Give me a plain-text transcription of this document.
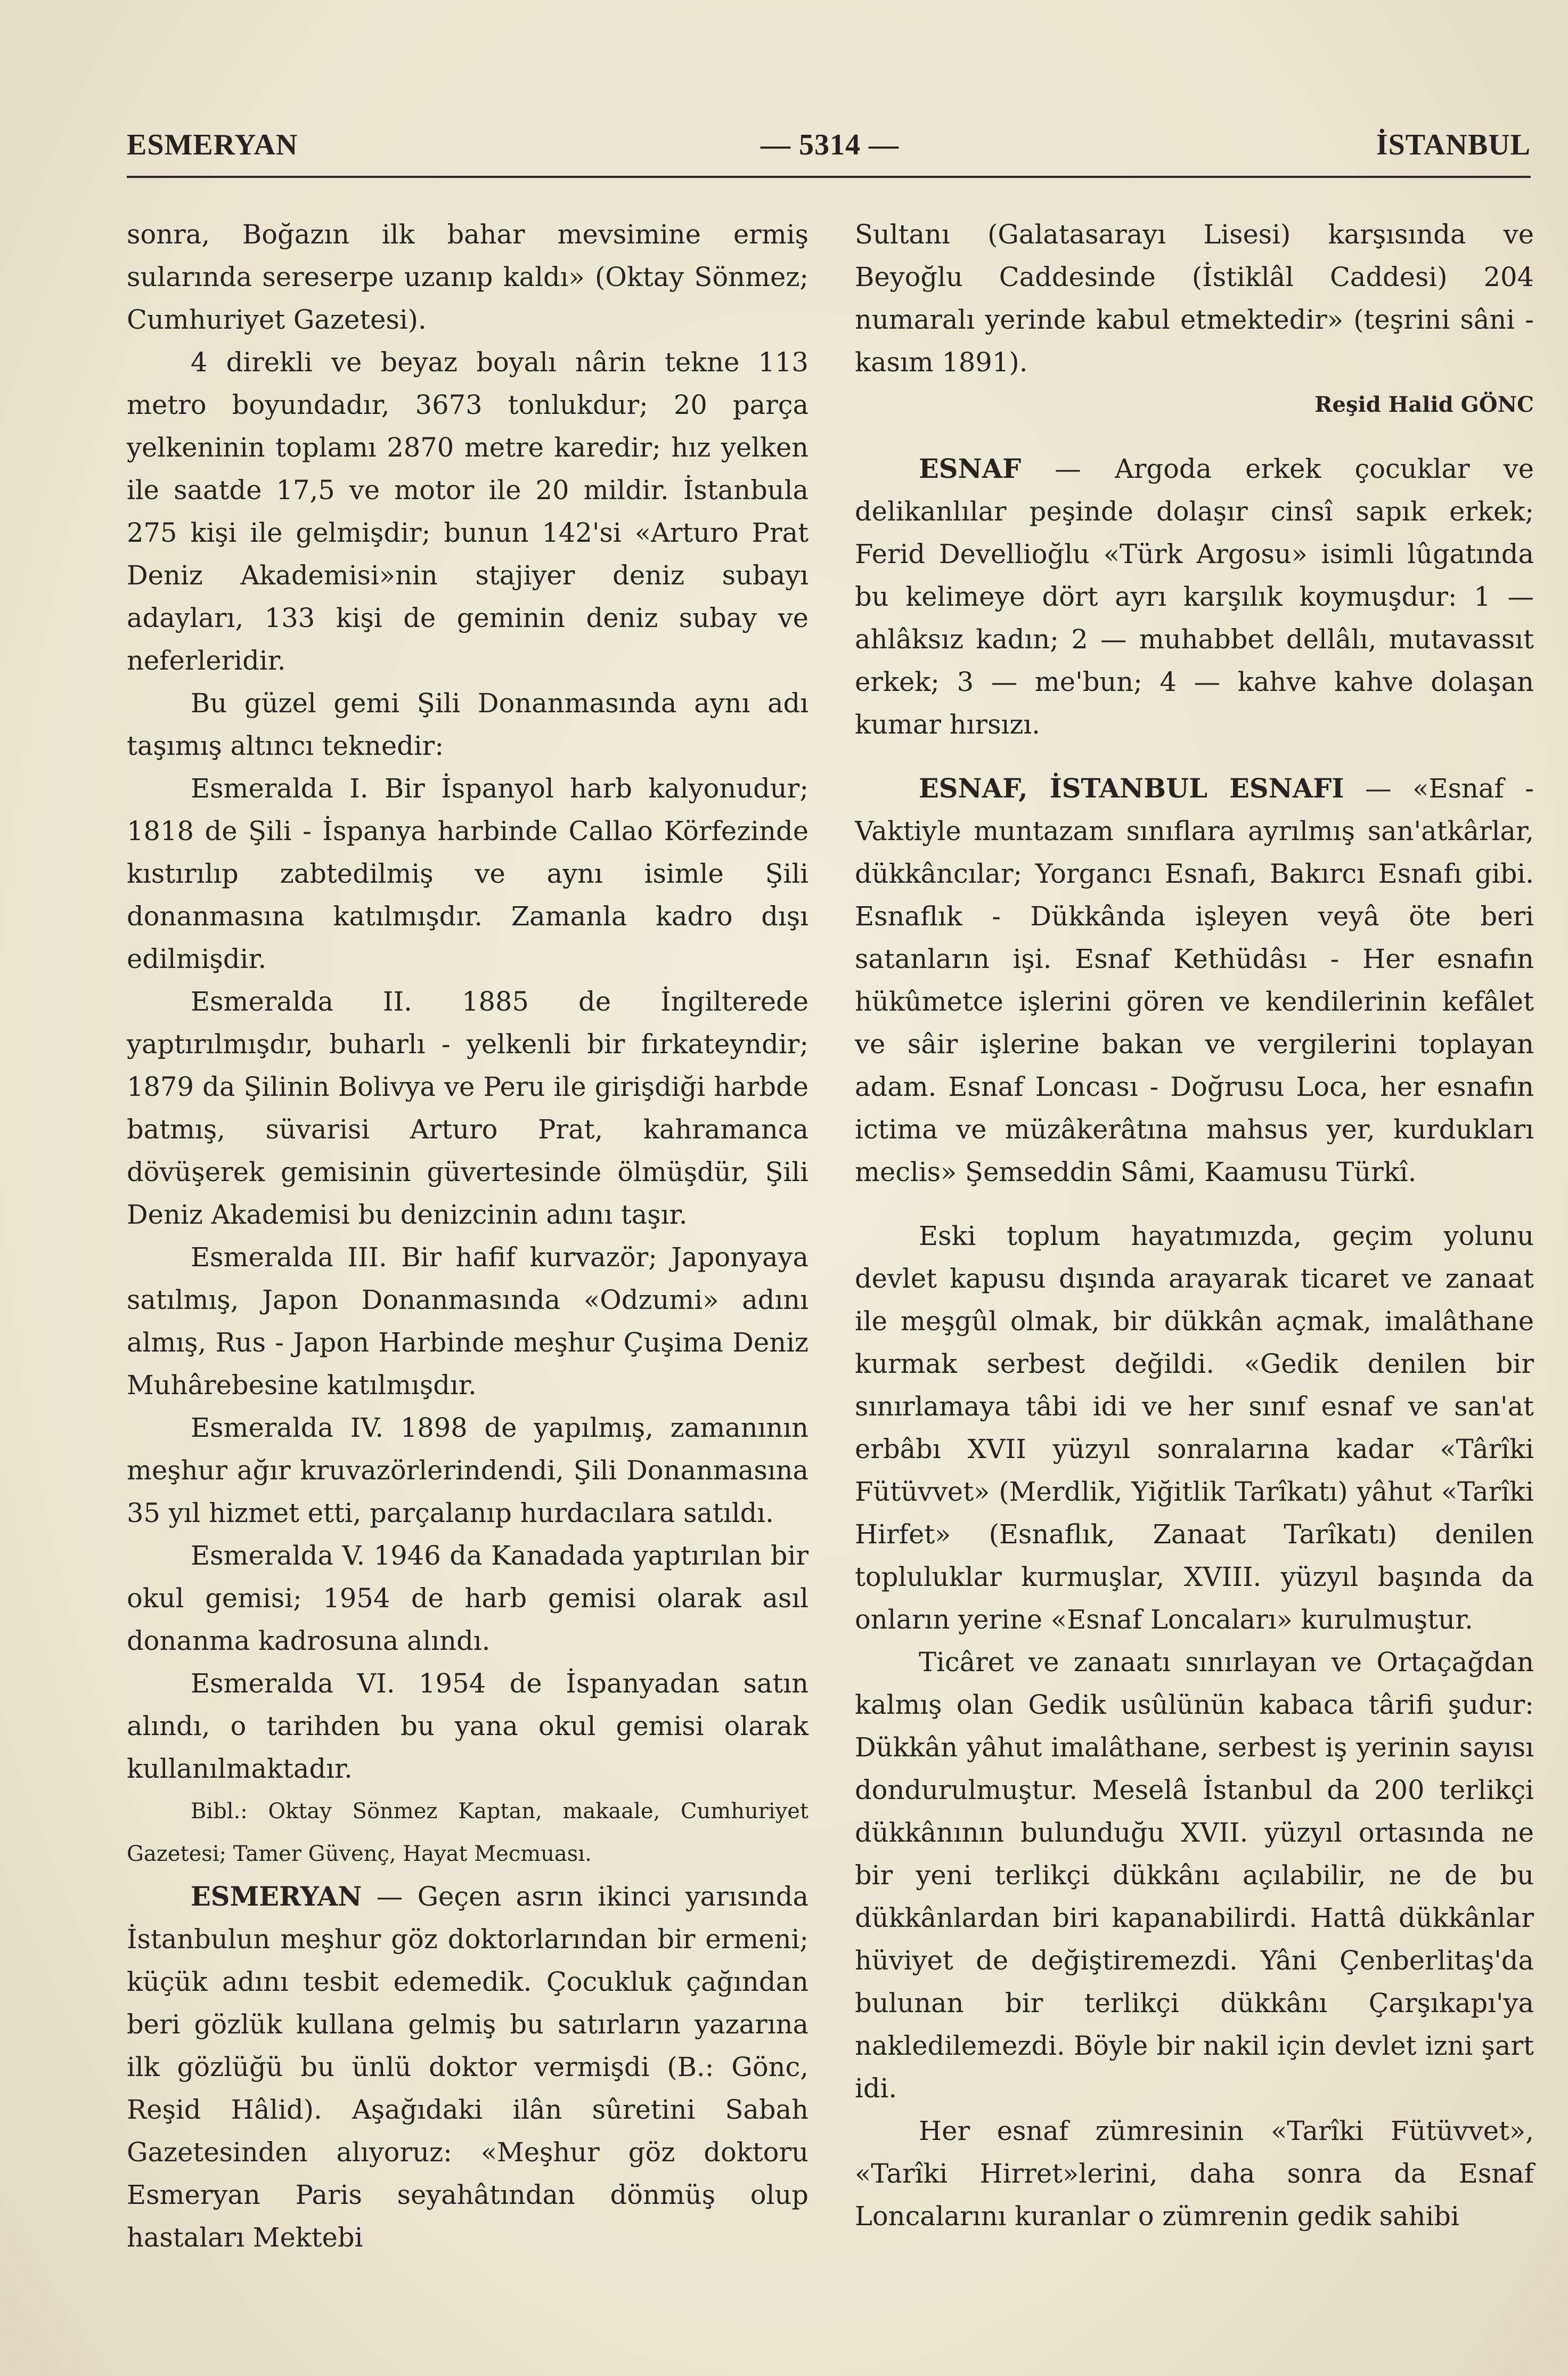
ESMERYAN	— 5314 —	İSTANBUL

sonra, Boğazın ilk bahar mevsimine ermiş sularında sereserpe uzanıp kaldı» (Oktay Sönmez; Cumhuriyet Gazetesi).

4 direkli ve beyaz boyalı nârin tekne 113 metro boyundadır, 3673 tonlukdur; 20 parça yelkeninin toplamı 2870 metre karedir; hız yelken ile saatde 17,5 ve motor ile 20 mildir. İstanbula 275 kişi ile gelmişdir; bunun 142'si «Arturo Prat Deniz Akademisi»nin stajiyer deniz subayı adayları, 133 kişi de geminin deniz subay ve neferleridir.

Bu güzel gemi Şili Donanmasında aynı adı taşımış altıncı teknedir:

Esmeralda I. Bir İspanyol harb kalyonudur; 1818 de Şili - İspanya harbinde Callao Körfezinde kıstırılıp zabtedilmiş ve aynı isimle Şili donanmasına katılmışdır. Zamanla kadro dışı edilmişdir.

Esmeralda II. 1885 de İngilterede yaptırılmışdır, buharlı - yelkenli bir fırkateyndir; 1879 da Şilinin Bolivya ve Peru ile girişdiği harbde batmış, süvarisi Arturo Prat, kahramanca dövüşerek gemisinin güvertesinde ölmüşdür, Şili Deniz Akademisi bu denizcinin adını taşır.

Esmeralda III. Bir hafif kurvazör; Japonyaya satılmış, Japon Donanmasında «Odzumi» adını almış, Rus - Japon Harbinde meşhur Çuşima Deniz Muhârebesine katılmışdır.

Esmeralda IV. 1898 de yapılmış, zamanının meşhur ağır kruvazörlerindendi, Şili Donanmasına 35 yıl hizmet etti, parçalanıp hurdacılara satıldı.

Esmeralda V. 1946 da Kanadada yaptırılan bir okul gemisi; 1954 de harb gemisi olarak asıl donanma kadrosuna alındı.

Esmeralda VI. 1954 de İspanyadan satın alındı, o tarihden bu yana okul gemisi olarak kullanılmaktadır.

Bibl.: Oktay Sönmez Kaptan, makaale, Cumhuriyet Gazetesi; Tamer Güvenç, Hayat Mecmuası.

ESMERYAN — Geçen asrın ikinci yarısında İstanbulun meşhur göz doktorlarından bir ermeni; küçük adını tesbit edemedik. Çocukluk çağından beri gözlük kullana gelmiş bu satırların yazarına ilk gözlüğü bu ünlü doktor vermişdi (B.: Gönc, Reşid Hâlid). Aşağıdaki ilân sûretini Sabah Gazetesinden alıyoruz: «Meşhur göz doktoru Esmeryan Paris seyahâtından dönmüş olup hastaları Mektebi

Sultanı (Galatasarayı Lisesi) karşısında ve Beyoğlu Caddesinde (İstiklâl Caddesi) 204 numaralı yerinde kabul etmektedir» (teşrini sâni - kasım 1891).

Reşid Halid GÖNC

ESNAF — Argoda erkek çocuklar ve delikanlılar peşinde dolaşır cinsî sapık erkek; Ferid Devellioğlu «Türk Argosu» isimli lûgatında bu kelimeye dört ayrı karşılık koymuşdur: 1 — ahlâksız kadın; 2 — muhabbet dellâlı, mutavassıt erkek; 3 — me'bun; 4 — kahve kahve dolaşan kumar hırsızı.

ESNAF, İSTANBUL ESNAFI — «Esnaf - Vaktiyle muntazam sınıflara ayrılmış san'atkârlar, dükkâncılar; Yorgancı Esnafı, Bakırcı Esnafı gibi. Esnaflık - Dükkânda işleyen veyâ öte beri satanların işi. Esnaf Kethüdâsı - Her esnafın hükûmetce işlerini gören ve kendilerinin kefâlet ve sâir işlerine bakan ve vergilerini toplayan adam. Esnaf Loncası - Doğrusu Loca, her esnafın ictima ve müzâkerâtına mahsus yer, kurdukları meclis» Şemseddin Sâmi, Kaamusu Türkî.

Eski toplum hayatımızda, geçim yolunu devlet kapusu dışında arayarak ticaret ve zanaat ile meşgûl olmak, bir dükkân açmak, imalâthane kurmak serbest değildi. «Gedik denilen bir sınırlamaya tâbi idi ve her sınıf esnaf ve san'at erbâbı XVII yüzyıl sonralarına kadar «Târîki Fütüvvet» (Merdlik, Yiğitlik Tarîkatı) yâhut «Tarîki Hirfet» (Esnaflık, Zanaat Tarîkatı) denilen topluluklar kurmuşlar, XVIII. yüzyıl başında da onların yerine «Esnaf Loncaları» kurulmuştur.

Ticâret ve zanaatı sınırlayan ve Ortaçağdan kalmış olan Gedik usûlünün kabaca târifi şudur: Dükkân yâhut imalâthane, serbest iş yerinin sayısı dondurulmuştur. Meselâ İstanbul da 200 terlikçi dükkânının bulunduğu XVII. yüzyıl ortasında ne bir yeni terlikçi dükkânı açılabilir, ne de bu dükkânlardan biri kapanabilirdi. Hattâ dükkânlar hüviyet de değiştiremezdi. Yâni Çenberlitaş'da bulunan bir terlikçi dükkânı Çarşıkapı'ya nakledilemezdi. Böyle bir nakil için devlet izni şart idi.

Her esnaf zümresinin «Tarîki Fütüvvet», «Tarîki Hirret»lerini, daha sonra da Esnaf Loncalarını kuranlar o zümrenin gedik sahibi
